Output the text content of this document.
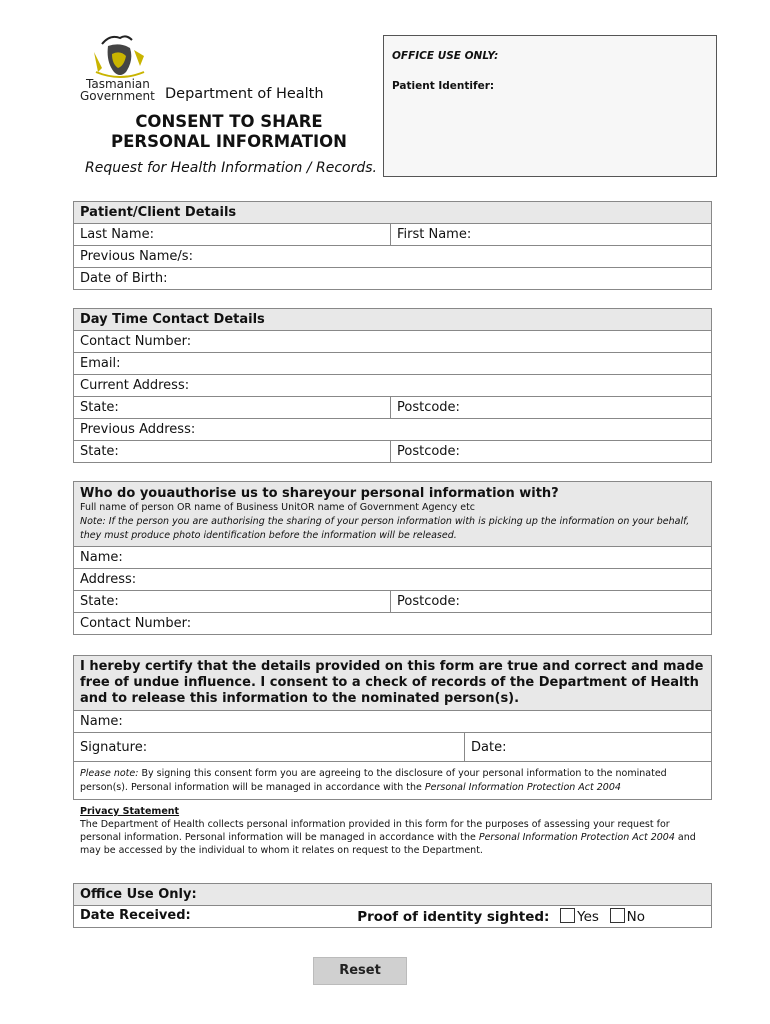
Tasmanian
Government Department of Health
CONSENT TO SHARE
PERSONAL INFORMATION
Request for Health Information / Records.
OFFICE USE ONLY:
Patient Identifer:
Patient/Client Details
Last Name:	First Name:
Previous Name/s:
Date of Birth:
Day Time Contact Details	
Contact Number:	
Email:	
Current Address:	
State:	Postcode:
Previous Address:	
State:	Postcode:
Who do youauthorise us to shareyour personal information with?
Full name of person OR name of Business UnitOR name of Government Agency etc
Note: If the person you are authorising the sharing of your person information with is picking up the information on your behalf, they must produce photo identification before the information will be released.

Name:
Address:
State:	Postcode:
Contact Number:
I hereby certify that the details provided on this form are true and correct and made free of undue influence. I consent to a check of records of the Department of Health and to release this information to the nominated person(s).
Name:
Signature:	Date:

Please note: By signing this consent form you are agreeing to the disclosure of your personal information to the nominated person(s). Personal information will be managed in accordance with the Personal Information Protection Act 2004
Privacy Statement
The Department of Health collects personal information provided in this form for the purposes of assessing your request for personal information. Personal information will be managed in accordance with the Personal Information Protection Act 2004 and may be accessed by the individual to whom it relates on request to the Department.
Office Use Only:
Date Received:	Proof of identity sighted: Yes No
Reset
